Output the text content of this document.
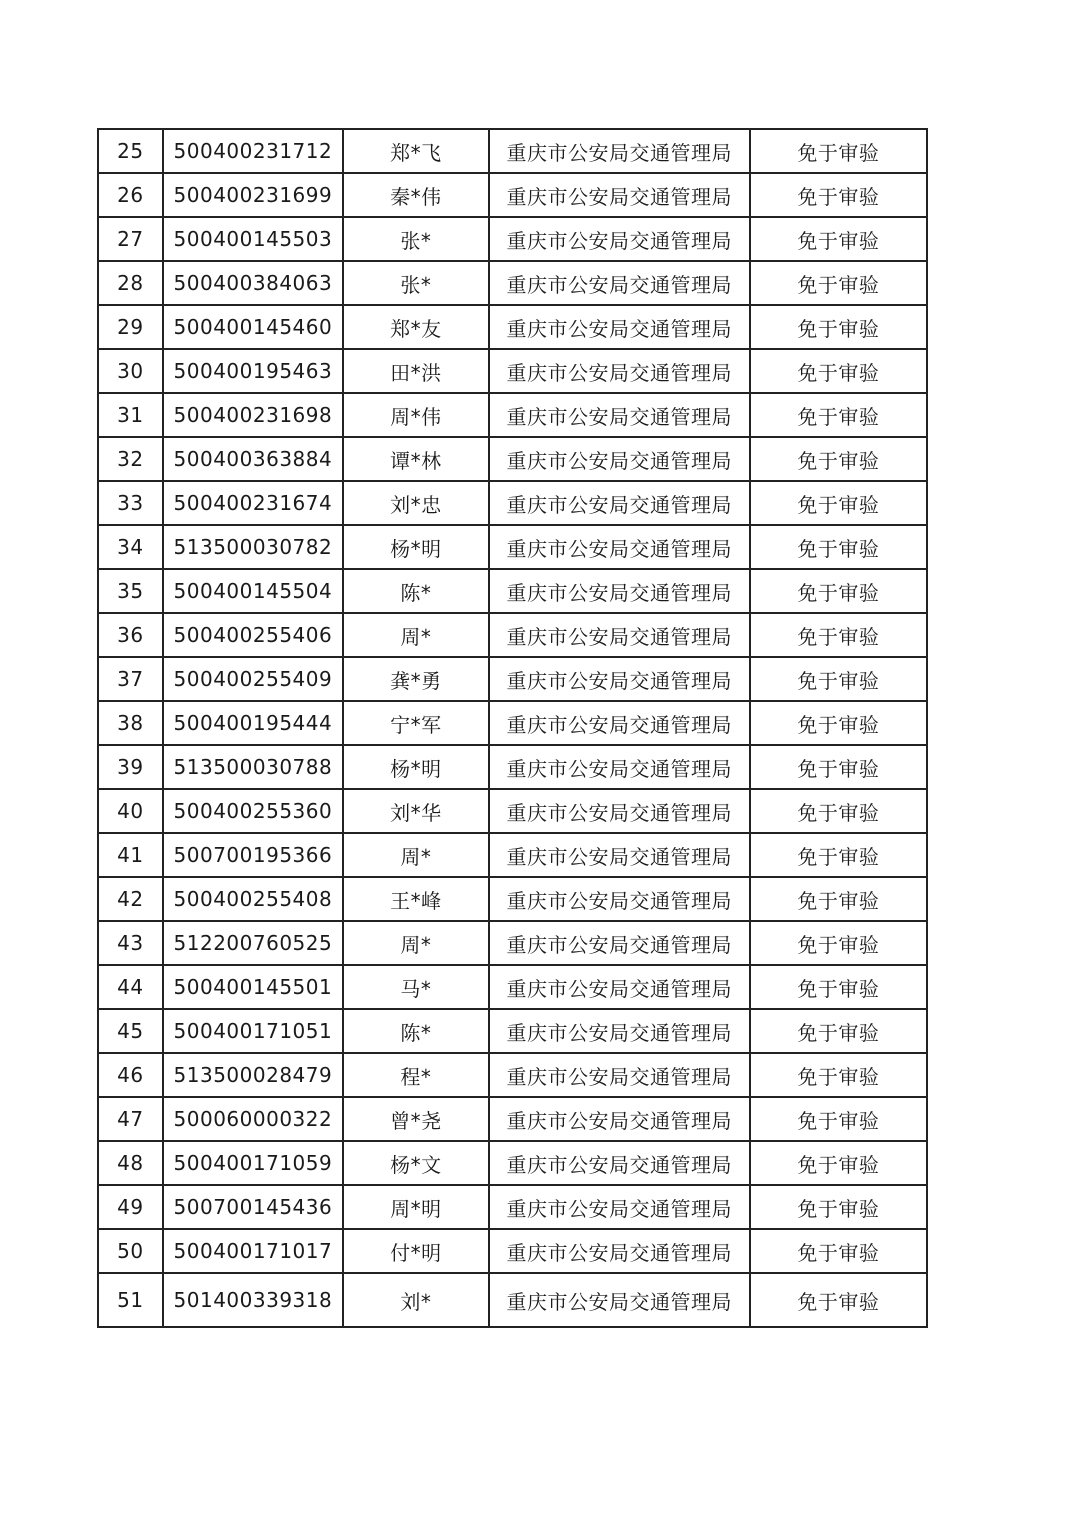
25	500400231712	郑*飞	重庆市公安局交通管理局	免于审验
26	500400231699	秦*伟	重庆市公安局交通管理局	免于审验
27	500400145503	张*	重庆市公安局交通管理局	免于审验
28	500400384063	张*	重庆市公安局交通管理局	免于审验
29	500400145460	郑*友	重庆市公安局交通管理局	免于审验
30	500400195463	田*洪	重庆市公安局交通管理局	免于审验
31	500400231698	周*伟	重庆市公安局交通管理局	免于审验
32	500400363884	谭*林	重庆市公安局交通管理局	免于审验
33	500400231674	刘*忠	重庆市公安局交通管理局	免于审验
34	513500030782	杨*明	重庆市公安局交通管理局	免于审验
35	500400145504	陈*	重庆市公安局交通管理局	免于审验
36	500400255406	周*	重庆市公安局交通管理局	免于审验
37	500400255409	龚*勇	重庆市公安局交通管理局	免于审验
38	500400195444	宁*军	重庆市公安局交通管理局	免于审验
39	513500030788	杨*明	重庆市公安局交通管理局	免于审验
40	500400255360	刘*华	重庆市公安局交通管理局	免于审验
41	500700195366	周*	重庆市公安局交通管理局	免于审验
42	500400255408	王*峰	重庆市公安局交通管理局	免于审验
43	512200760525	周*	重庆市公安局交通管理局	免于审验
44	500400145501	马*	重庆市公安局交通管理局	免于审验
45	500400171051	陈*	重庆市公安局交通管理局	免于审验
46	513500028479	程*	重庆市公安局交通管理局	免于审验
47	500060000322	曾*尧	重庆市公安局交通管理局	免于审验
48	500400171059	杨*文	重庆市公安局交通管理局	免于审验
49	500700145436	周*明	重庆市公安局交通管理局	免于审验
50	500400171017	付*明	重庆市公安局交通管理局	免于审验
51	501400339318	刘*	重庆市公安局交通管理局	免于审验
